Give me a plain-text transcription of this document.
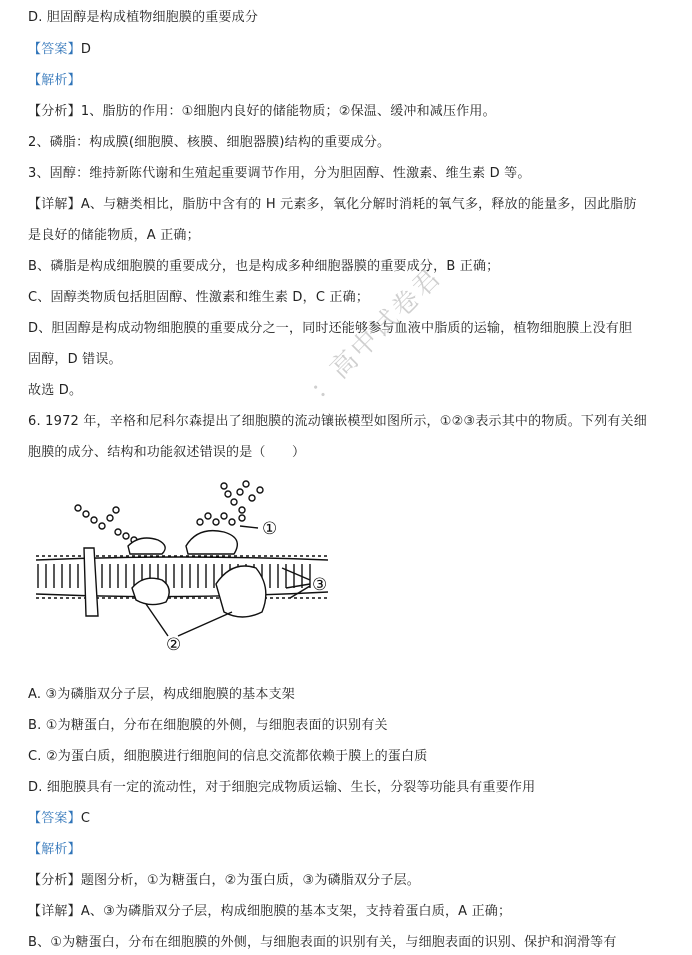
：高中试卷君
D. 胆固醇是构成植物细胞膜的重要成分
【答案】D
【解析】
【分析】1、脂肪的作用：①细胞内良好的储能物质；②保温、缓冲和减压作用。
2、磷脂：构成膜(细胞膜、核膜、细胞器膜)结构的重要成分。
3、固醇：维持新陈代谢和生殖起重要调节作用，分为胆固醇、性激素、维生素 D 等。
【详解】A、与糖类相比，脂肪中含有的 H 元素多，氧化分解时消耗的氧气多，释放的能量多，因此脂肪
是良好的储能物质，A 正确；
B、磷脂是构成细胞膜的重要成分，也是构成多种细胞器膜的重要成分，B 正确；
C、固醇类物质包括胆固醇、性激素和维生素 D，C 正确；
D、胆固醇是构成动物细胞膜的重要成分之一，同时还能够参与血液中脂质的运输，植物细胞膜上没有胆
固醇，D 错误。
故选 D。
6. 1972 年，辛格和尼科尔森提出了细胞膜的流动镶嵌模型如图所示，①②③表示其中的物质。下列有关细
胞膜的成分、结构和功能叙述错误的是（　　）
①
②
③
A. ③为磷脂双分子层，构成细胞膜的基本支架
B. ①为糖蛋白，分布在细胞膜的外侧，与细胞表面的识别有关
C. ②为蛋白质，细胞膜进行细胞间的信息交流都依赖于膜上的蛋白质
D. 细胞膜具有一定的流动性，对于细胞完成物质运输、生长，分裂等功能具有重要作用
【答案】C
【解析】
【分析】题图分析，①为糖蛋白，②为蛋白质，③为磷脂双分子层。
【详解】A、③为磷脂双分子层，构成细胞膜的基本支架，支持着蛋白质，A 正确；
B、①为糖蛋白，分布在细胞膜的外侧，与细胞表面的识别有关，与细胞表面的识别、保护和润滑等有
